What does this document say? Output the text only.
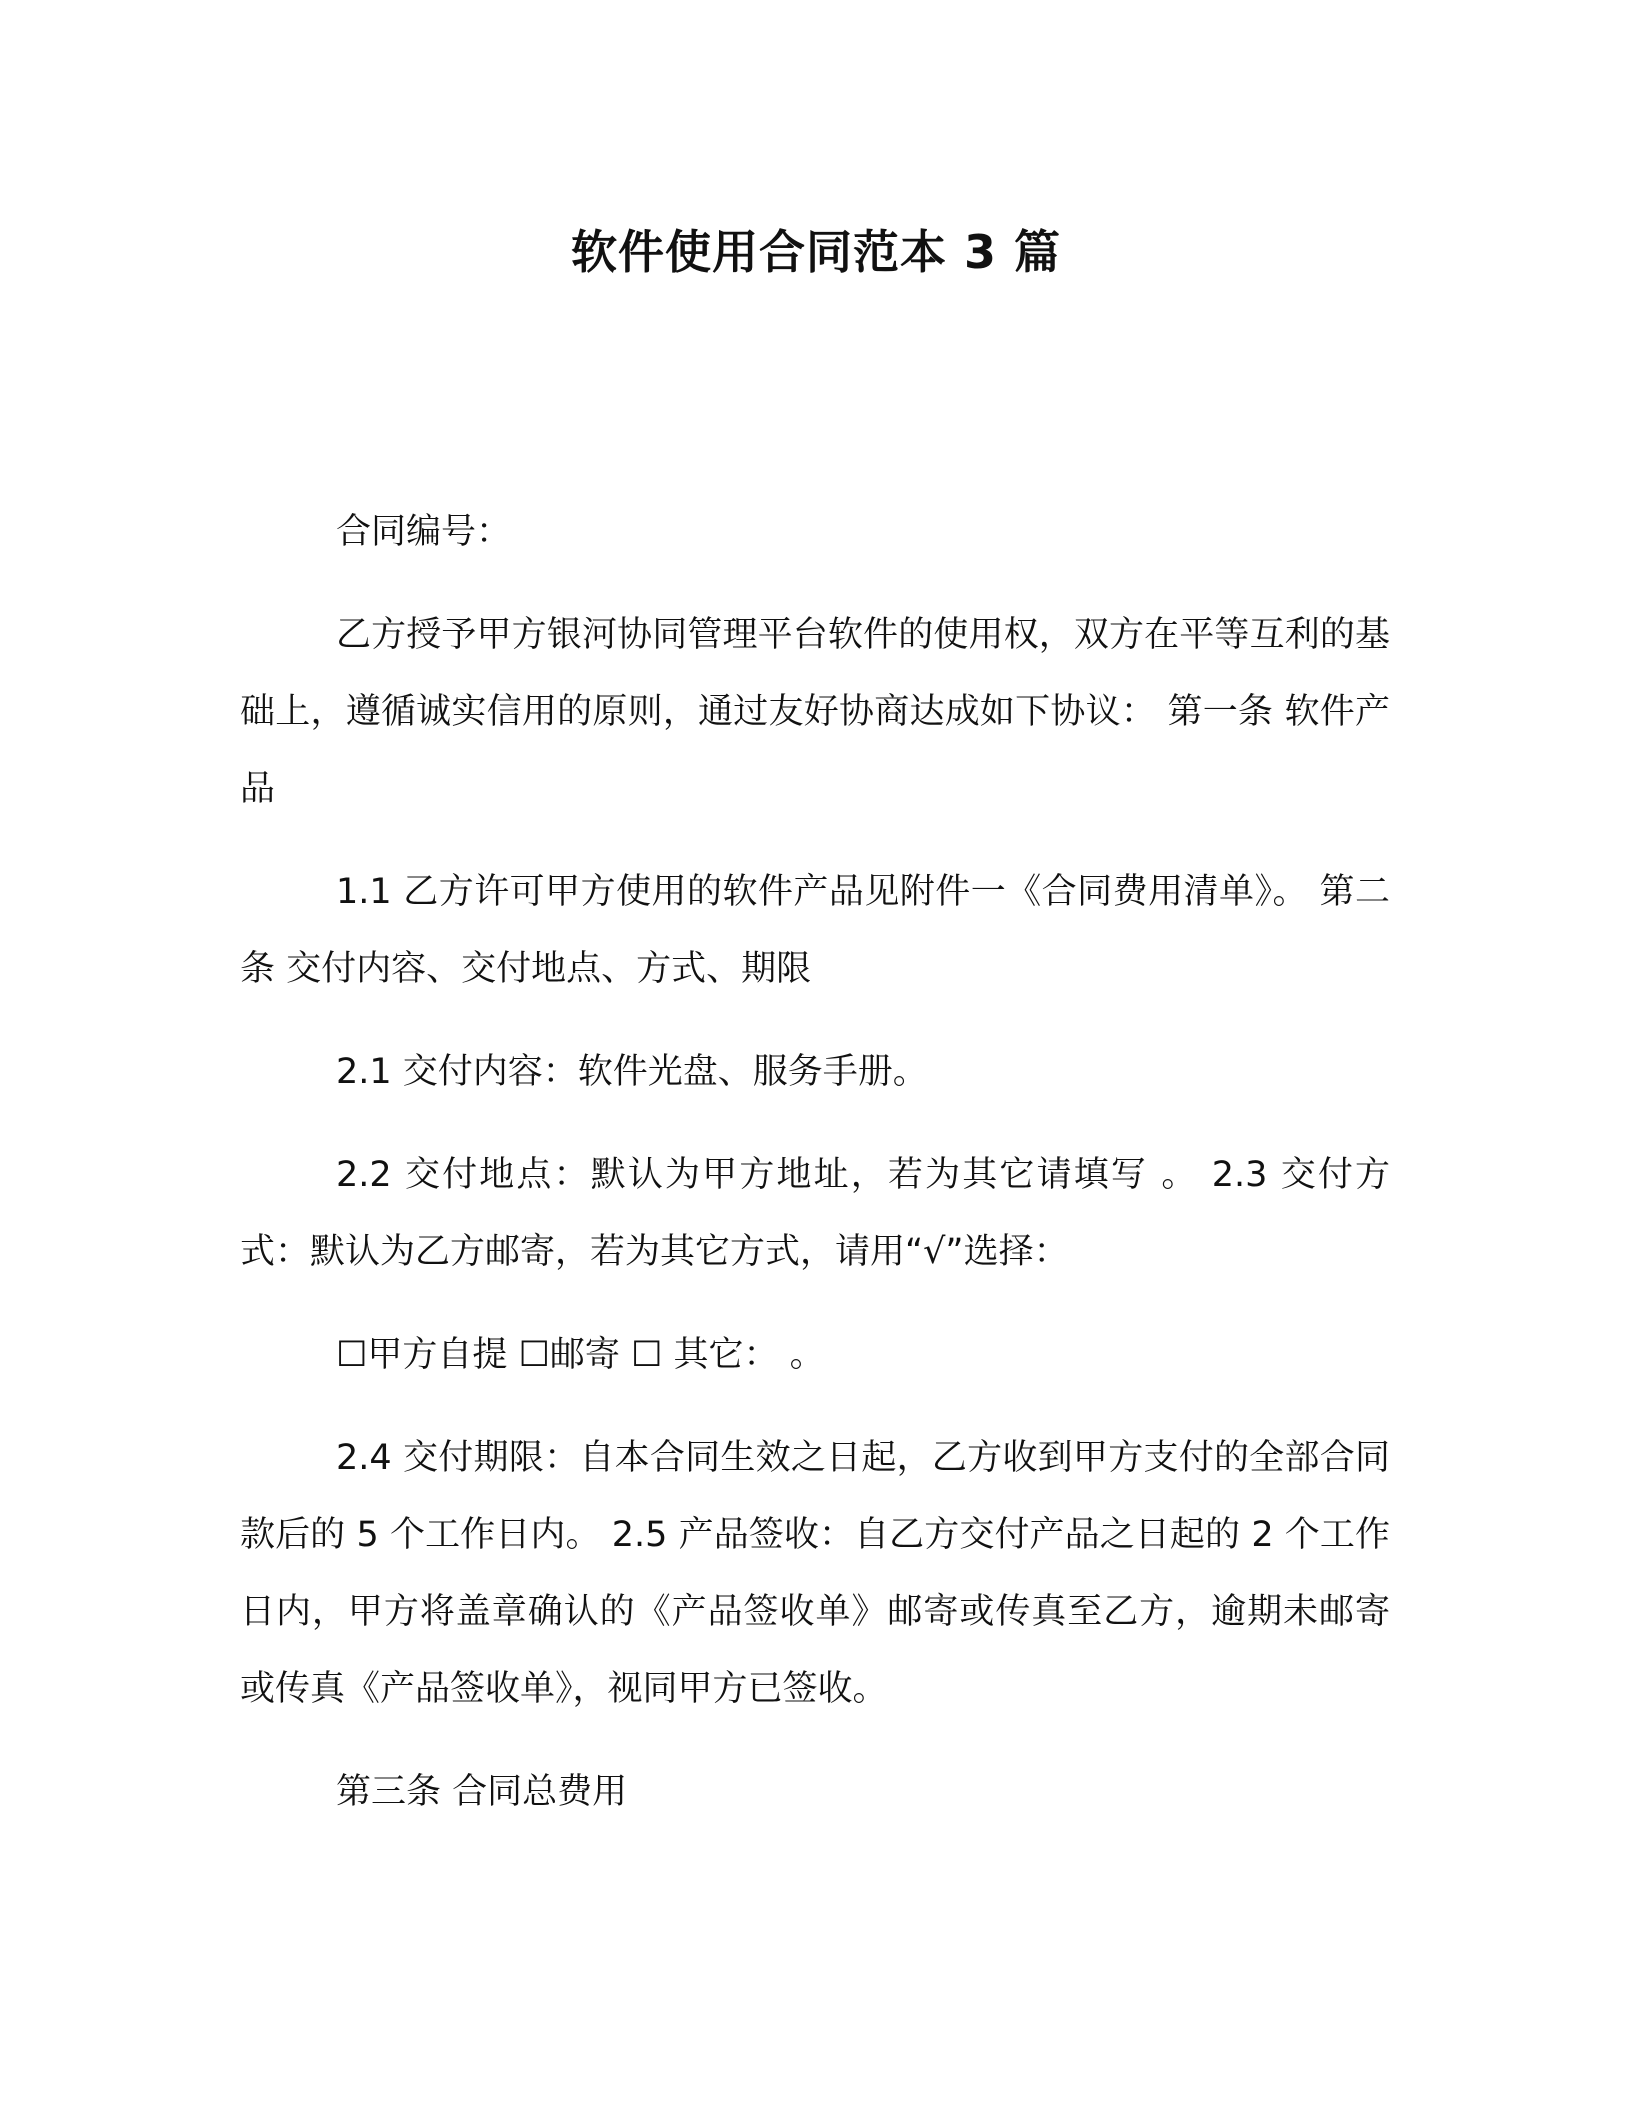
软件使用合同范本 3 篇

合同编号：

乙方授予甲方银河协同管理平台软件的使用权，双方在平等互利的基础上，遵循诚实信用的原则，通过友好协商达成如下协议： 第一条 软件产品

1.1 乙方许可甲方使用的软件产品见附件一《合同费用清单》。 第二条 交付内容、交付地点、方式、期限

2.1 交付内容：软件光盘、服务手册。

2.2 交付地点：默认为甲方地址，若为其它请填写 。 2.3 交付方式：默认为乙方邮寄，若为其它方式，请用“√”选择：

☐甲方自提 ☐邮寄 ☐ 其它： 。

2.4 交付期限：自本合同生效之日起，乙方收到甲方支付的全部合同款后的 5 个工作日内。 2.5 产品签收：自乙方交付产品之日起的 2 个工作日内，甲方将盖章确认的《产品签收单》邮寄或传真至乙方，逾期未邮寄或传真《产品签收单》，视同甲方已签收。

第三条 合同总费用
